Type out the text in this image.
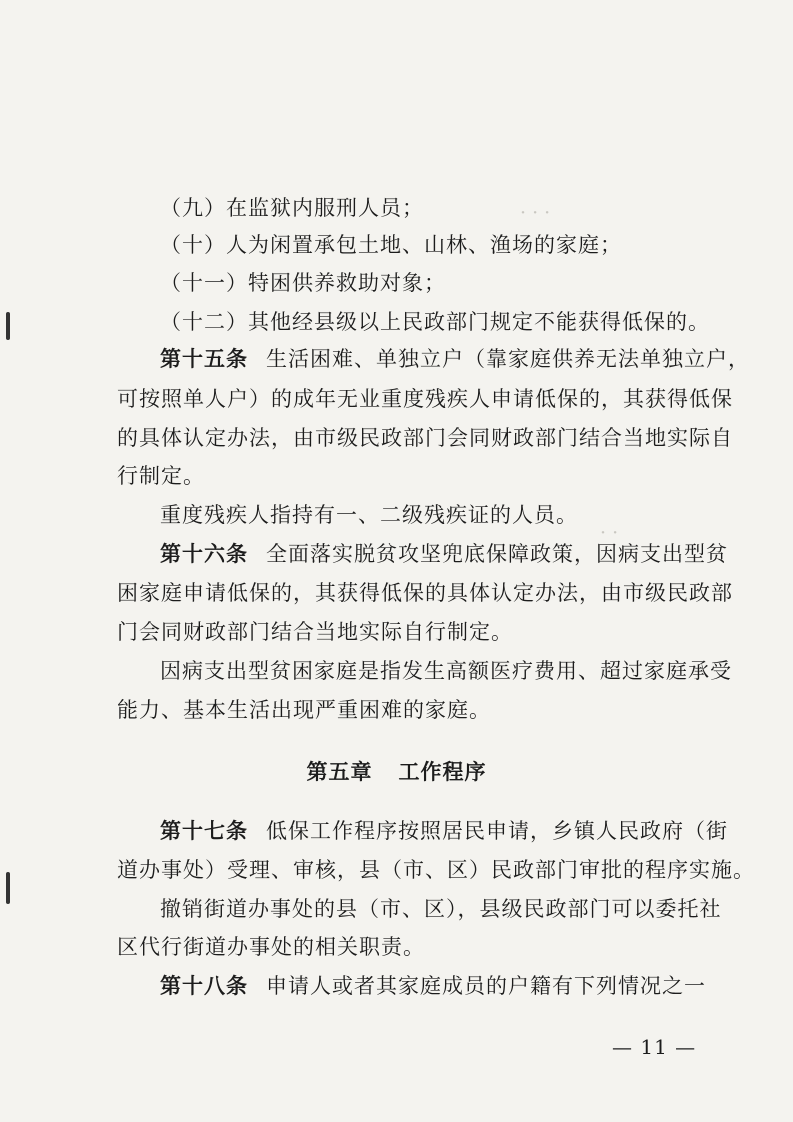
· · ·
· ·
（九）在监狱内服刑人员；
（十）人为闲置承包土地、山林、渔场的家庭；
（十一）特困供养救助对象；
（十二）其他经县级以上民政部门规定不能获得低保的。
第十五条 生活困难、单独立户（靠家庭供养无法单独立户，
可按照单人户）的成年无业重度残疾人申请低保的，其获得低保
的具体认定办法，由市级民政部门会同财政部门结合当地实际自
行制定。
重度残疾人指持有一、二级残疾证的人员。
第十六条 全面落实脱贫攻坚兜底保障政策，因病支出型贫
困家庭申请低保的，其获得低保的具体认定办法，由市级民政部
门会同财政部门结合当地实际自行制定。
因病支出型贫困家庭是指发生高额医疗费用、超过家庭承受
能力、基本生活出现严重困难的家庭。
第五章 工作程序
第十七条 低保工作程序按照居民申请，乡镇人民政府（街
道办事处）受理、审核，县（市、区）民政部门审批的程序实施。
撤销街道办事处的县（市、区），县级民政部门可以委托社
区代行街道办事处的相关职责。
第十八条 申请人或者其家庭成员的户籍有下列情况之一
— 11 —
